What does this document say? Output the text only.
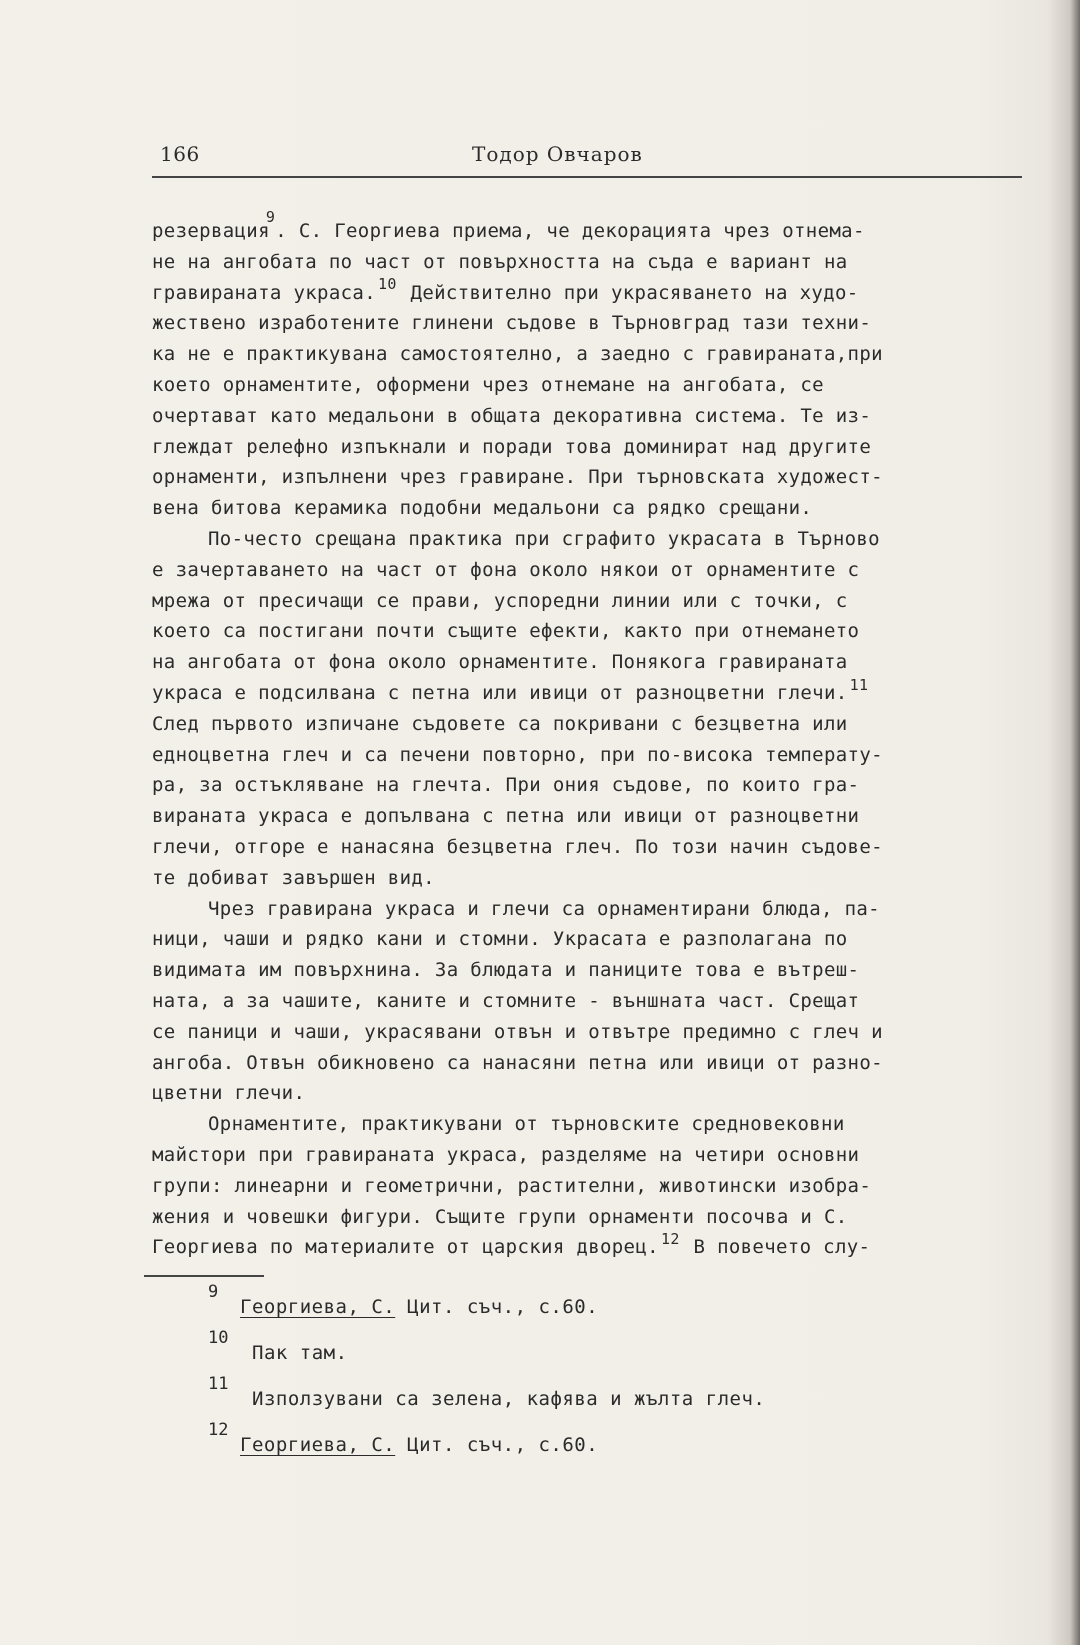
166	Тодор Овчаров
резервация$^9$. С. Георгиева приема, че декорацията чрез отнема-
не на ангобата по част от повърхността на съда е вариант на
гравираната украса. $^{10}$ Действително при украсяването на худо-
жествено изработените глинени съдове в Търновград тази техни-
ка не е практикувана самостоятелно, а заедно с гравираната,при
което орнаментите, оформени чрез отнемане на ангобата, се
очертават като медальони в общата декоративна система. Те из-
глеждат релефно изпъкнали и поради това доминират над другите
орнаменти, изпълнени чрез гравиране. При търновската художест-
вена битова керамика подобни медальони са рядко срещани.
По-често срещана практика при сграфито украсата в Търново
е зачертаването на част от фона около някои от орнаментите с
мрежа от пресичащи се прави, успоредни линии или с точки, с
което са постигани почти същите ефекти, както при отнемането
на ангобата от фона около орнаментите. Понякога гравираната
украса е подсилвана с петна или ивици от разноцветни глечи. $^{11}$
След първото изпичане съдовете са покривани с безцветна или
едноцветна глеч и са печени повторно, при по-висока температу-
ра, за остъкляване на глечта. При ония съдове, по които гра-
вираната украса е допълвана с петна или ивици от разноцветни
глечи, отгоре е нанасяна безцветна глеч. По този начин съдове-
те добиват завършен вид.
Чрез гравирана украса и глечи са орнаментирани блюда, па-
ници, чаши и рядко кани и стомни. Украсата е разполагана по
видимата им повърхнина. За блюдата и паниците това е вътреш-
ната, а за чашите, каните и стомните - външната част. Срещат
се паници и чаши, украсявани отвън и отвътре предимно с глеч и
ангоба. Отвън обикновено са нанасяни петна или ивици от разно-
цветни глечи.
Орнаментите, практикувани от търновските средновековни
майстори при гравираната украса, разделяме на четири основни
групи: линеарни и геометрични, растителни, животински изобра-
жения и човешки фигури. Същите групи орнаменти посочва и С.
Георгиева по материалите от царския дворец. $^{12}$ В повечето слу-
9
Георгиева, С. Цит. съч., с.60.
10
Пак там.
11
Използувани са зелена, кафява и жълта глеч.
12
Георгиева, С. Цит. съч., с.60.
